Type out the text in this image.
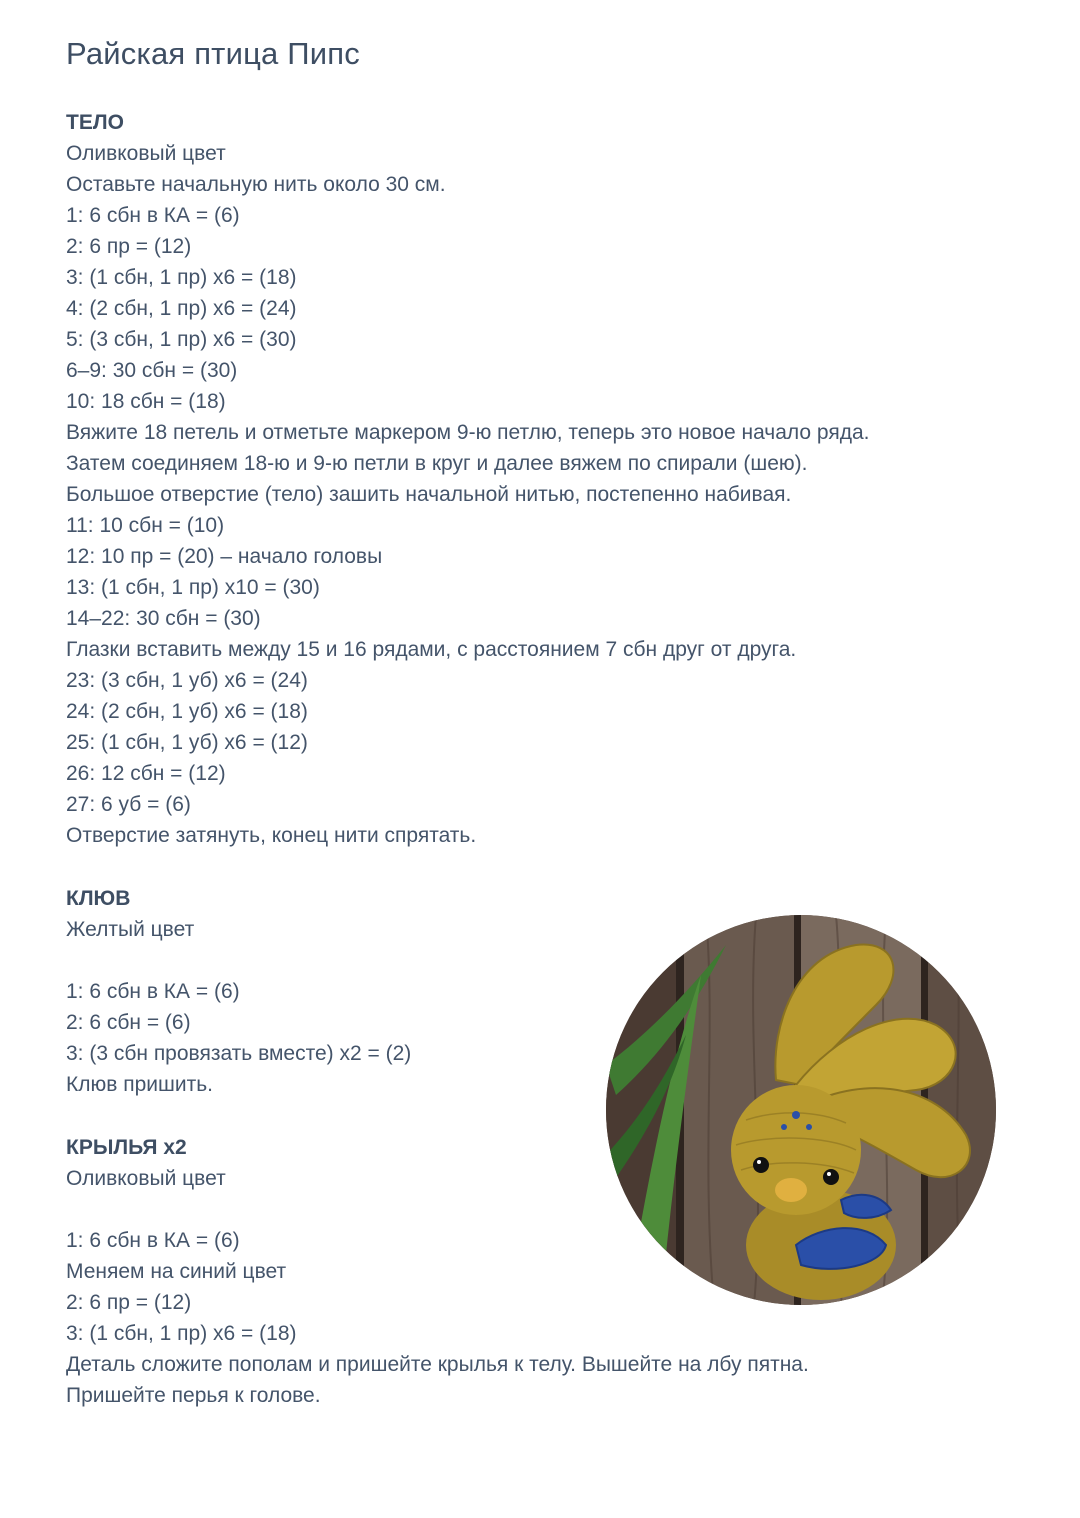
Райская птица Пипс
ТЕЛО
Оливковый цвет
Оставьте начальную нить около 30 см.
1: 6 сбн в КА = (6)
2: 6 пр = (12)
3: (1 сбн, 1 пр) х6 = (18)
4: (2 сбн, 1 пр) х6 = (24)
5: (3 сбн, 1 пр) х6 = (30)
6–9: 30 сбн = (30)
10: 18 сбн = (18)
Вяжите 18 петель и отметьте маркером 9-ю петлю, теперь это новое начало ряда.
Затем соединяем 18-ю и 9-ю петли в круг и далее вяжем по спирали (шею).
Большое отверстие (тело) зашить начальной нитью, постепенно набивая.
11: 10 сбн = (10)
12: 10 пр = (20) – начало головы
13: (1 сбн, 1 пр) х10 = (30)
14–22: 30 сбн = (30)
Глазки вставить между 15 и 16 рядами, с расстоянием 7 сбн друг от друга.
23: (3 сбн, 1 уб) х6 = (24)
24: (2 сбн, 1 уб) х6 = (18)
25: (1 сбн, 1 уб) х6 = (12)
26: 12 сбн = (12)
27: 6 уб = (6)
Отверстие затянуть, конец нити спрятать.
КЛЮВ
Желтый цвет
1: 6 сбн в КА = (6)
2: 6 сбн = (6)
3: (3 сбн провязать вместе) х2 = (2)
Клюв пришить.
КРЫЛЬЯ х2
Оливковый цвет
1: 6 сбн в КА = (6)
Меняем на синий цвет
2: 6 пр = (12)
3: (1 сбн, 1 пр) х6 = (18)
Деталь сложите пополам и пришейте крылья к телу. Вышейте на лбу пятна.
Пришейте перья к голове.
